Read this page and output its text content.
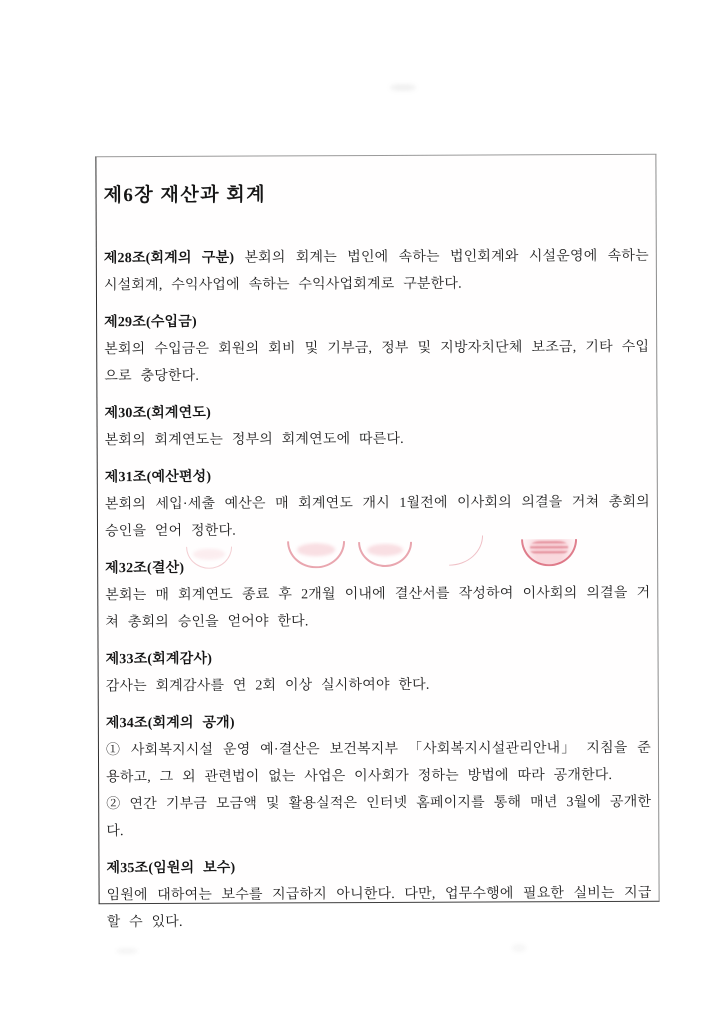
제6장 재산과 회계

제28조(회계의 구분) 본회의 회계는 법인에 속하는 법인회계와 시설운영에 속하는 시설회계, 수익사업에 속하는 수익사업회계로 구분한다.

제29조(수입금)

본회의 수입금은 회원의 회비 및 기부금, 정부 및 지방자치단체 보조금, 기타 수입으로 충당한다.

제30조(회계연도)

본회의 회계연도는 정부의 회계연도에 따른다.

제31조(예산편성)

본회의 세입·세출 예산은 매 회계연도 개시 1월전에 이사회의 의결을 거쳐 총회의 승인을 얻어 정한다.

제32조(결산)

본회는 매 회계연도 종료 후 2개월 이내에 결산서를 작성하여 이사회의 의결을 거쳐 총회의 승인을 얻어야 한다.

제33조(회계감사)

감사는 회계감사를 연 2회 이상 실시하여야 한다.

제34조(회계의 공개)

① 사회복지시설 운영 예·결산은 보건복지부 「사회복지시설관리안내」 지침을 준용하고, 그 외 관련법이 없는 사업은 이사회가 정하는 방법에 따라 공개한다.

② 연간 기부금 모금액 및 활용실적은 인터넷 홈페이지를 통해 매년 3월에 공개한다.

제35조(임원의 보수)

임원에 대하여는 보수를 지급하지 아니한다. 다만, 업무수행에 필요한 실비는 지급할 수 있다.
